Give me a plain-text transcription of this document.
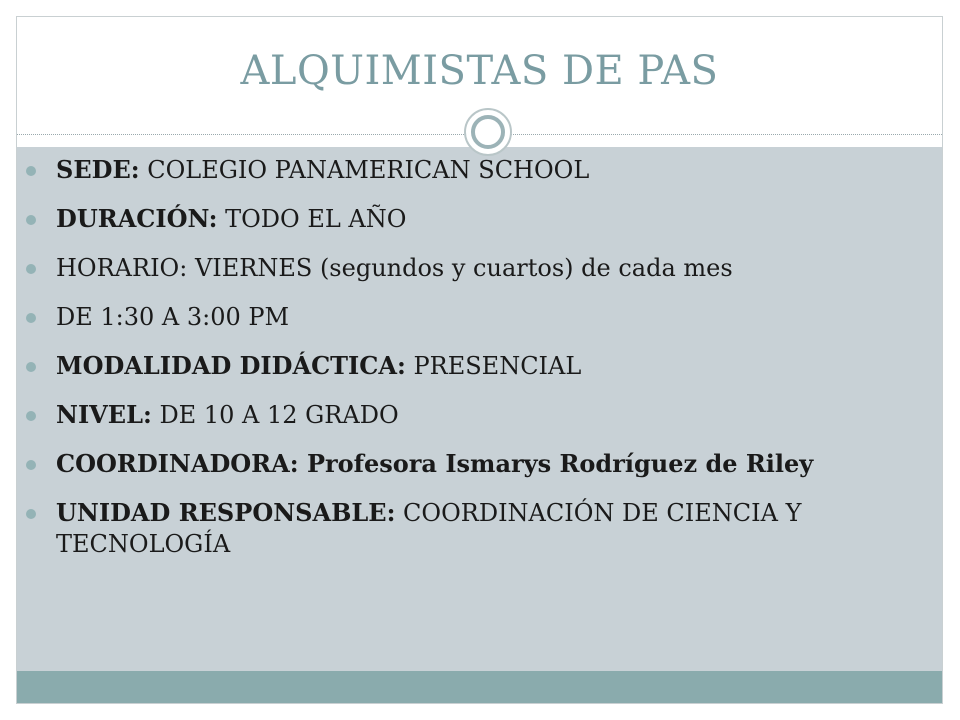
ALQUIMISTAS DE PAS
SEDE: COLEGIO PANAMERICAN SCHOOL
DURACIÓN: TODO EL AÑO
HORARIO: VIERNES (segundos y cuartos) de cada mes
DE 1:30 A 3:00 PM
MODALIDAD DIDÁCTICA: PRESENCIAL
NIVEL: DE 10 A 12 GRADO
COORDINADORA: Profesora Ismarys Rodríguez de Riley
UNIDAD RESPONSABLE: COORDINACIÓN DE CIENCIA Y TECNOLOGÍA
